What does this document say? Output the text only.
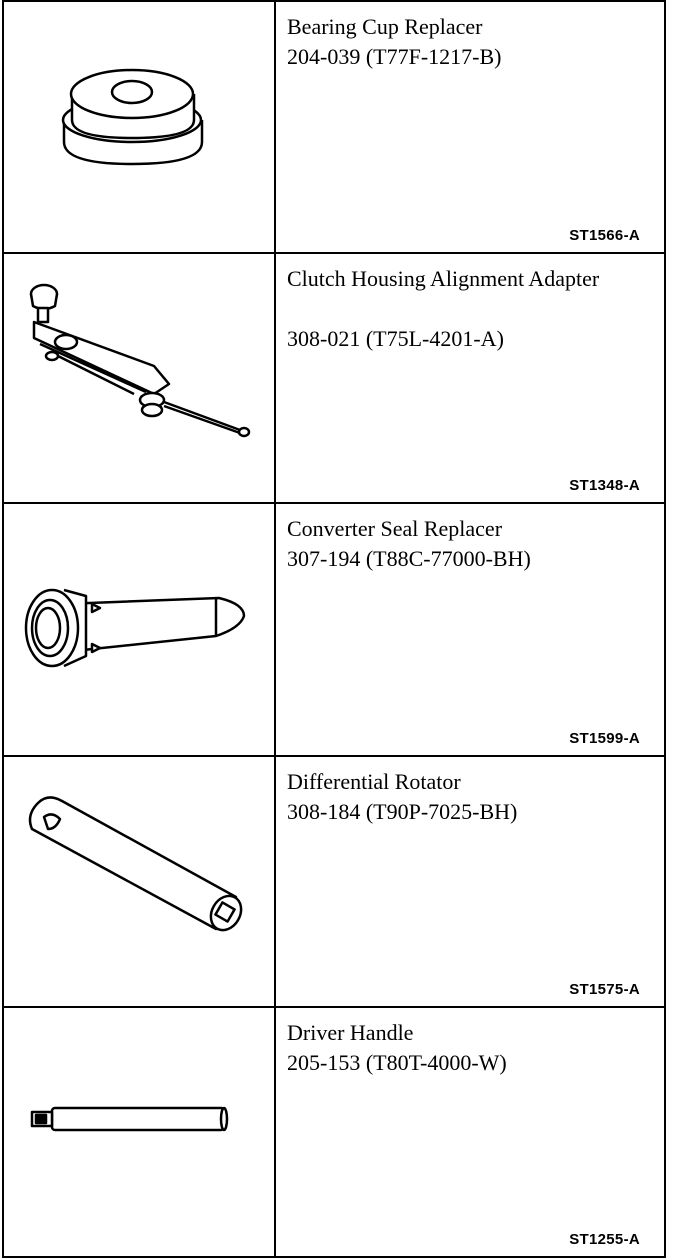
ST1566-A
Bearing Cup Replacer
204-039 (T77F-1217-B)
ST1348-A
Clutch Housing Alignment Adapter
308-021 (T75L-4201-A)
ST1599-A
Converter Seal Replacer
307-194 (T88C-77000-BH)
ST1575-A
Differential Rotator
308-184 (T90P-7025-BH)
ST1255-A
Driver Handle
205-153 (T80T-4000-W)
